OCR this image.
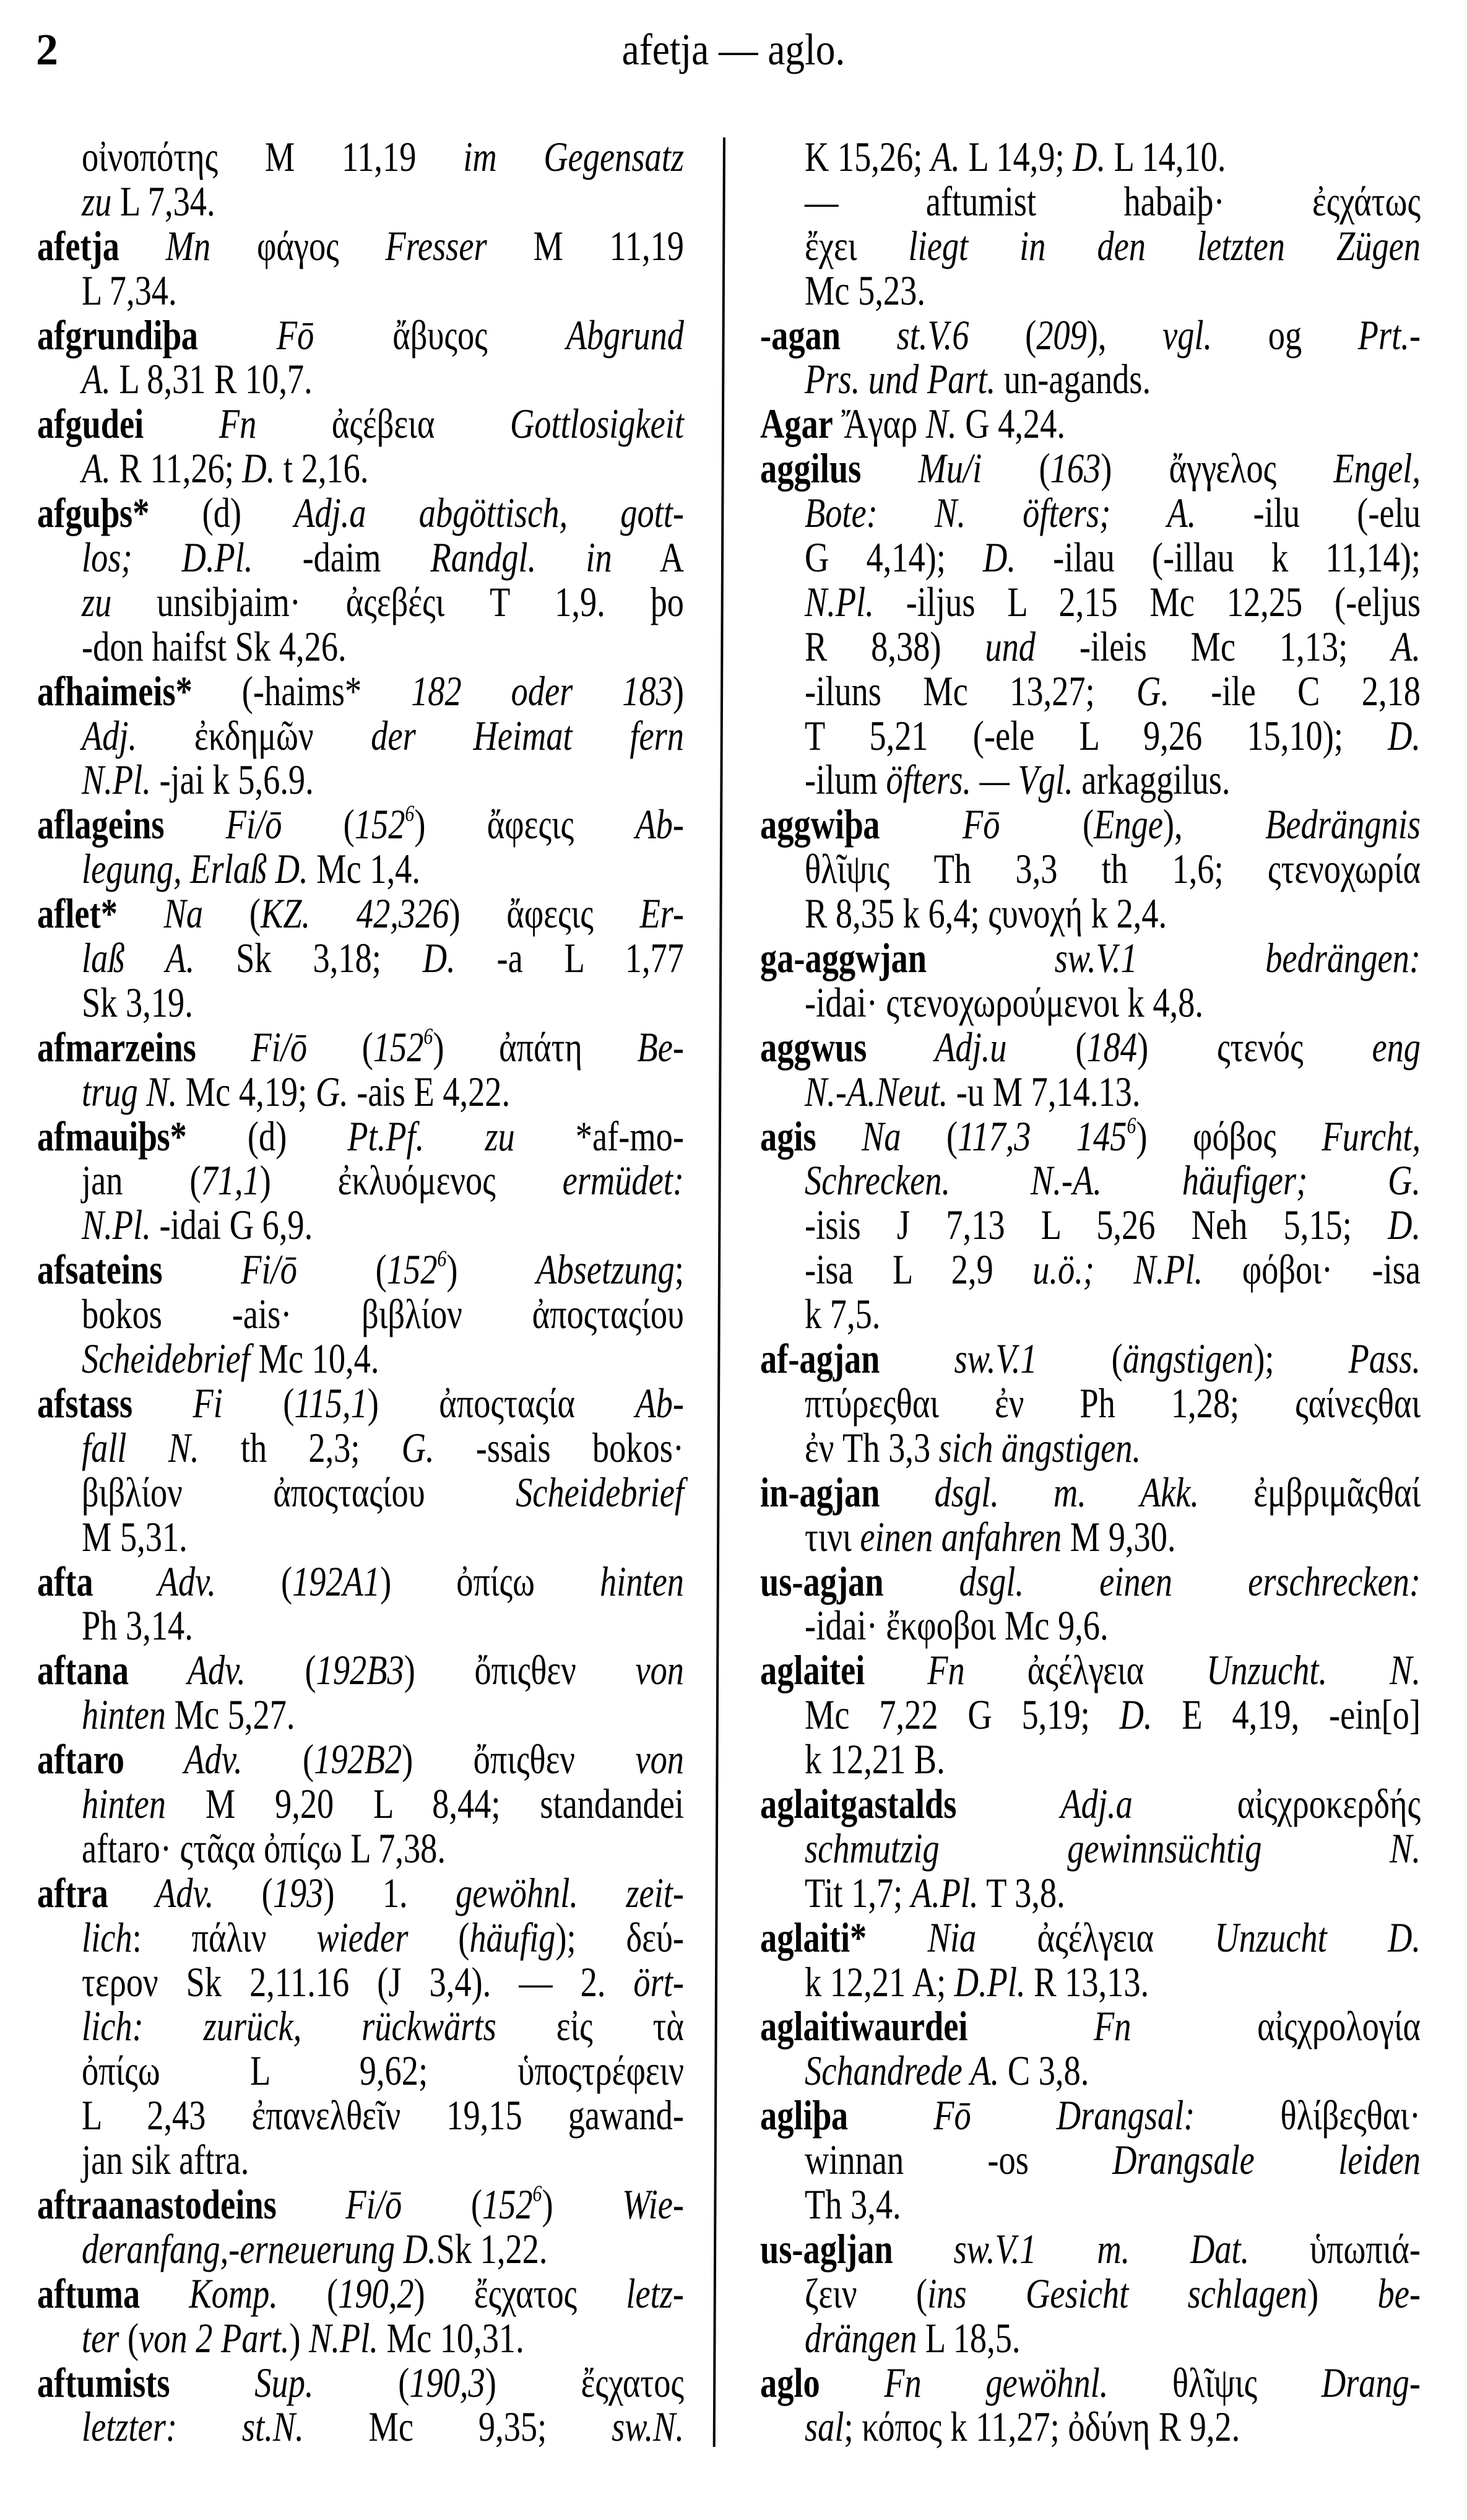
2	afetja — aglo.
οἰνοπότης M 11,19 im Gegensatz
zu L 7,34.
afetja Mn φάγος Fresser M 11,19
L 7,34.
afgrundiþa Fō ἄβυςος Abgrund
A. L 8,31 R 10,7.
afgudei Fn ἀςέβεια Gottlosigkeit
A. R 11,26; D. t 2,16.
afguþs* (d) Adj.a abgöttisch, gott-
los; D.Pl. -daim Randgl. in A
zu unsibjaim· ἀςεβέςι T 1,9. þo
-don haifst Sk 4,26.
afhaimeis* (-haims* 182 oder 183)
Adj. ἐκδημῶν der Heimat fern
N.Pl. -jai k 5,6.9.
aflageins Fi/ō $(152^6)$ ἄφεςις Ab-
legung, Erlaß D. Mc 1,4.
aflet* Na (KZ. 42,326) ἄφεςις Er-
laß A. Sk 3,18; D. -a L 1,77
Sk 3,19.
afmarzeins Fi/ō $(152^6)$ ἀπάτη Be-
trug N. Mc 4,19; G. -ais E 4,22.
afmauiþs* (d) Pt.Pf. zu *af-mo-
jan (71,1) ἐκλυόμενος ermüdet:
N.Pl. -idai G 6,9.
afsateins Fi/ō $(152^6)$ Absetzung;
bokos -ais· βιβλίον ἀποςταςίου
Scheidebrief Mc 10,4.
afstass Fi (115,1) ἀποςταςία Ab-
fall N. th 2,3; G. -ssais bokos·
βιβλίον ἀποςταςίου Scheidebrief
M 5,31.
afta Adv. (192A1) ὀπίςω hinten
Ph 3,14.
aftana Adv. (192B3) ὄπιςθεν von
hinten Mc 5,27.
aftaro Adv. (192B2) ὄπιςθεν von
hinten M 9,20 L 8,44; standandei
aftaro· ςτᾶςα ὀπίςω L 7,38.
aftra Adv. (193) 1. gewöhnl. zeit-
lich: πάλιν wieder (häufig); δεύ-
τερον Sk 2,11.16 (J 3,4). — 2. ört-
lich: zurück, rückwärts εἰς τὰ
ὀπίςω L 9,62; ὑποςτρέφειν
L 2,43 ἐπανελθεῖν 19,15 gawand-
jan sik aftra.
aftraanastodeins Fi/ō $(152^6)$ Wie-
deranfang,-erneuerung D.Sk 1,22.
aftuma Komp. (190,2) ἔςχατος letz-
ter (von 2 Part.) N.Pl. Mc 10,31.
aftumists Sup. (190,3) ἔςχατος
letzter: st.N. Mc 9,35; sw.N.
K 15,26; A. L 14,9; D. L 14,10.
— aftumist habaiþ· ἐςχάτως
ἔχει liegt in den letzten Zügen
Mc 5,23.
-agan st.V.6 (209), vgl. og Prt.-
Prs. und Part. un-agands.
Agar Ἄγαρ N. G 4,24.
aggilus Mu/i (163) ἄγγελος Engel,
Bote: N. öfters; A. -ilu (-elu
G 4,14); D. -ilau (-illau k 11,14);
N.Pl. -iljus L 2,15 Mc 12,25 (-eljus
R 8,38) und -ileis Mc 1,13; A.
-iluns Mc 13,27; G. -ile C 2,18
T 5,21 (-ele L 9,26 15,10); D.
-ilum öfters. — Vgl. arkaggilus.
aggwiþa Fō (Enge), Bedrängnis
θλῖψις Th 3,3 th 1,6; ςτενοχωρία
R 8,35 k 6,4; ςυνοχή k 2,4.
ga-aggwjan sw.V.1 bedrängen:
-idai· ςτενοχωρούμενοι k 4,8.
aggwus Adj.u (184) ςτενός eng
N.-A.Neut. -u M 7,14.13.
agis Na (117,3 $145^6$) φόβος Furcht,
Schrecken. N.-A. häufiger; G.
-isis J 7,13 L 5,26 Neh 5,15; D.
-isa L 2,9 u.ö.; N.Pl. φόβοι· -isa
k 7,5.
af-agjan sw.V.1 (ängstigen); Pass.
πτύρεςθαι ἐν Ph 1,28; ςαίνεςθαι
ἐν Th 3,3 sich ängstigen.
in-agjan dsgl. m. Akk. ἐμβριμᾶςθαί
τινι einen anfahren M 9,30.
us-agjan dsgl. einen erschrecken:
-idai· ἔκφοβοι Mc 9,6.
aglaitei Fn ἀςέλγεια Unzucht. N.
Mc 7,22 G 5,19; D. E 4,19, -ein[o]
k 12,21 B.
aglaitgastalds Adj.a αἰςχροκερδής
schmutzig gewinnsüchtig N.
Tit 1,7; A.Pl. T 3,8.
aglaiti* Nia ἀςέλγεια Unzucht D.
k 12,21 A; D.Pl. R 13,13.
aglaitiwaurdei Fn αἰςχρολογία
Schandrede A. C 3,8.
agliþa Fō Drangsal: θλίβεςθαι·
winnan -os Drangsale leiden
Th 3,4.
us-agljan sw.V.1 m. Dat. ὑπωπιά-
ζειν (ins Gesicht schlagen) be-
drängen L 18,5.
aglo Fn gewöhnl. θλῖψις Drang-
sal; κόπος k 11,27; ὀδύνη R 9,2.
